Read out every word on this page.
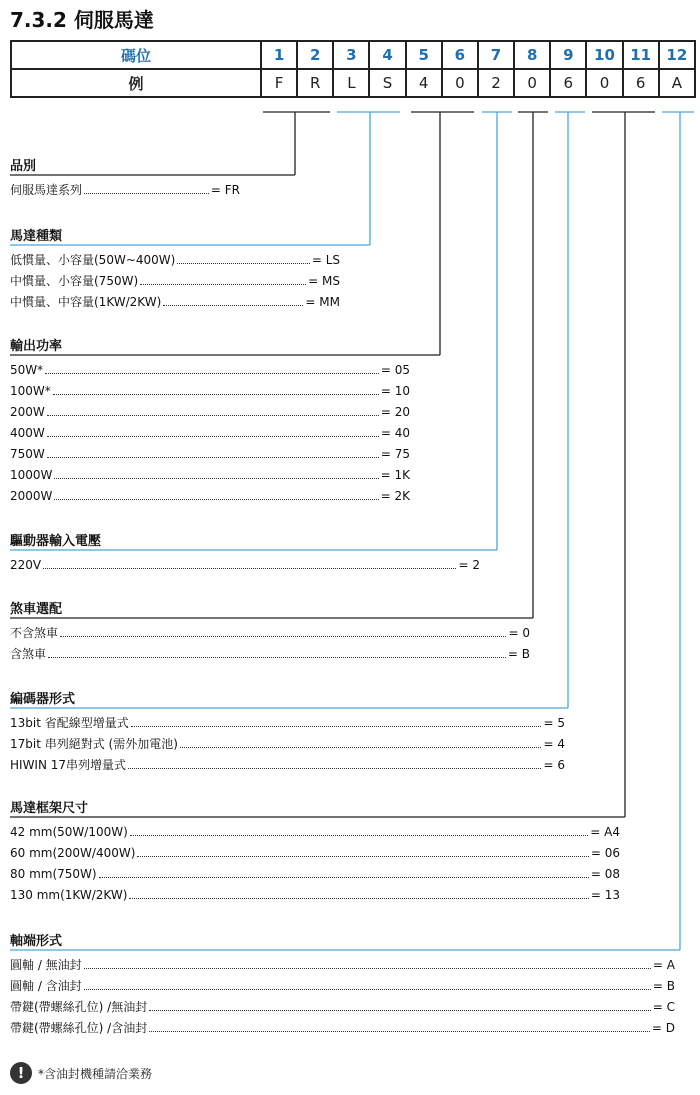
7.3.2 伺服馬達
碼位	1	2	3	4	5	6	7	8	9	10	11	12
例	F	R	L	S	4	0	2	0	6	0	6	A
品別
伺服馬達系列	= FR
馬達種類
低慣量、小容量(50W~400W)	= LS
中慣量、小容量(750W)	= MS
中慣量、中容量(1KW/2KW)	= MM
輸出功率
50W*	= 05
100W*	= 10
200W	= 20
400W	= 40
750W	= 75
1000W	= 1K
2000W	= 2K
驅動器輸入電壓
220V	= 2
煞車選配
不含煞車	= 0
含煞車	= B
編碼器形式
13bit 省配線型增量式	= 5
17bit 串列絕對式 (需外加電池)	= 4
HIWIN 17串列增量式	= 6
馬達框架尺寸
42 mm(50W/100W)	= A4
60 mm(200W/400W)	= 06
80 mm(750W)	= 08
130 mm(1KW/2KW)	= 13
軸端形式
圓軸 / 無油封	= A
圓軸 / 含油封	= B
帶鍵(帶螺絲孔位) /無油封	= C
帶鍵(帶螺絲孔位) /含油封	= D
!	*含油封機種請洽業務
